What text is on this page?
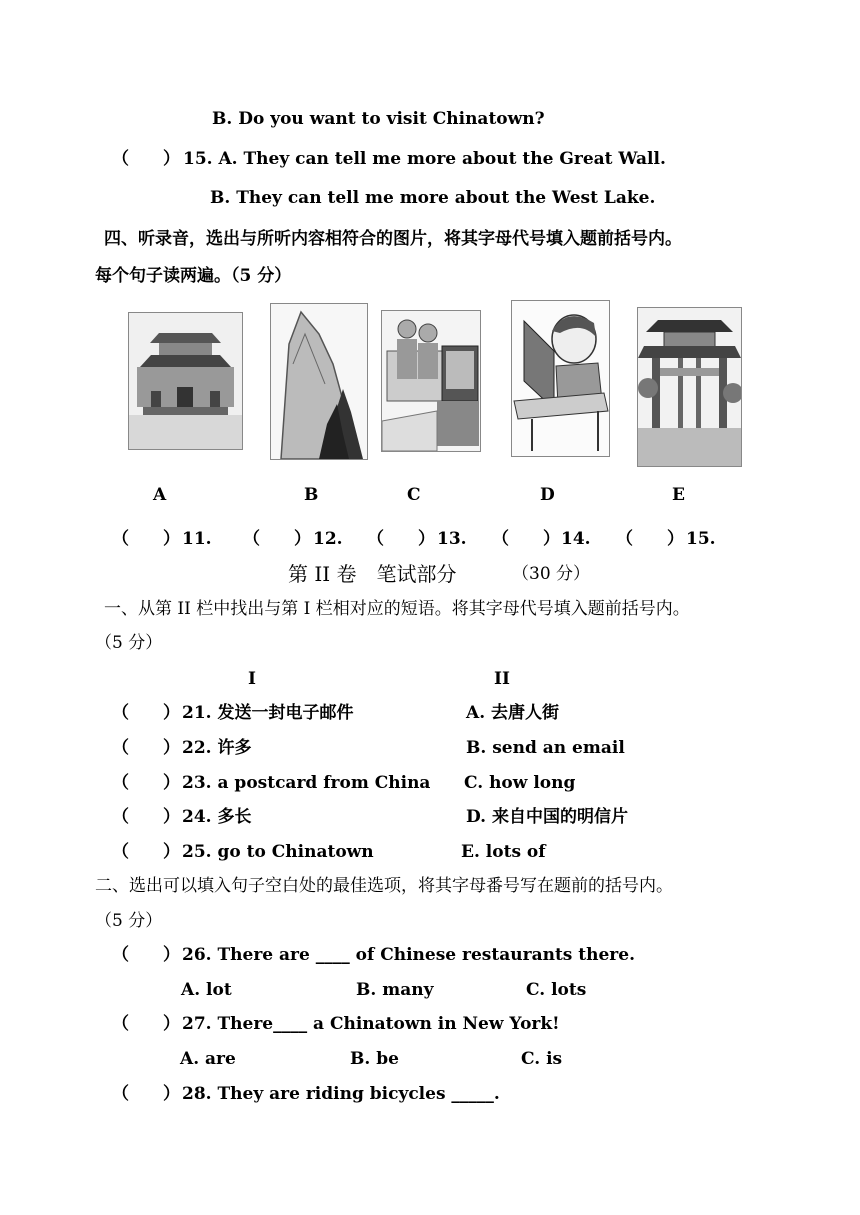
B. Do you want to visit Chinatown?
（　　） 15. A. They can tell me more about the Great Wall.
B. They can tell me more about the West Lake.
四、听录音，选出与所听内容相符合的图片，将其字母代号填入题前括号内。
每个句子读两遍。（5 分）
A	B	C	D	E
（　　） 11. （　　） 12. （　　） 13. （　　） 14. （　　） 15.
第 II 卷　笔试部分	（30 分）
一、从第 II 栏中找出与第 I 栏相对应的短语。将其字母代号填入题前括号内。
（5 分）
I	II
（　　） 21. 发送一封电子邮件	A. 去唐人街
（　　） 22. 许多	B. send an email
（　　） 23. a postcard from China C. how long
（　　） 24. 多长	D. 来自中国的明信片
（　　） 25. go to Chinatown	E. lots of
二、选出可以填入句子空白处的最佳选项，将其字母番号写在题前的括号内。
（5 分）
（　　） 26. There are ____ of Chinese restaurants there.
A. lot	B. many	C. lots
（　　） 27. There____ a Chinatown in New York!
A. are	B. be	C. is
（　　） 28. They are riding bicycles _____.
